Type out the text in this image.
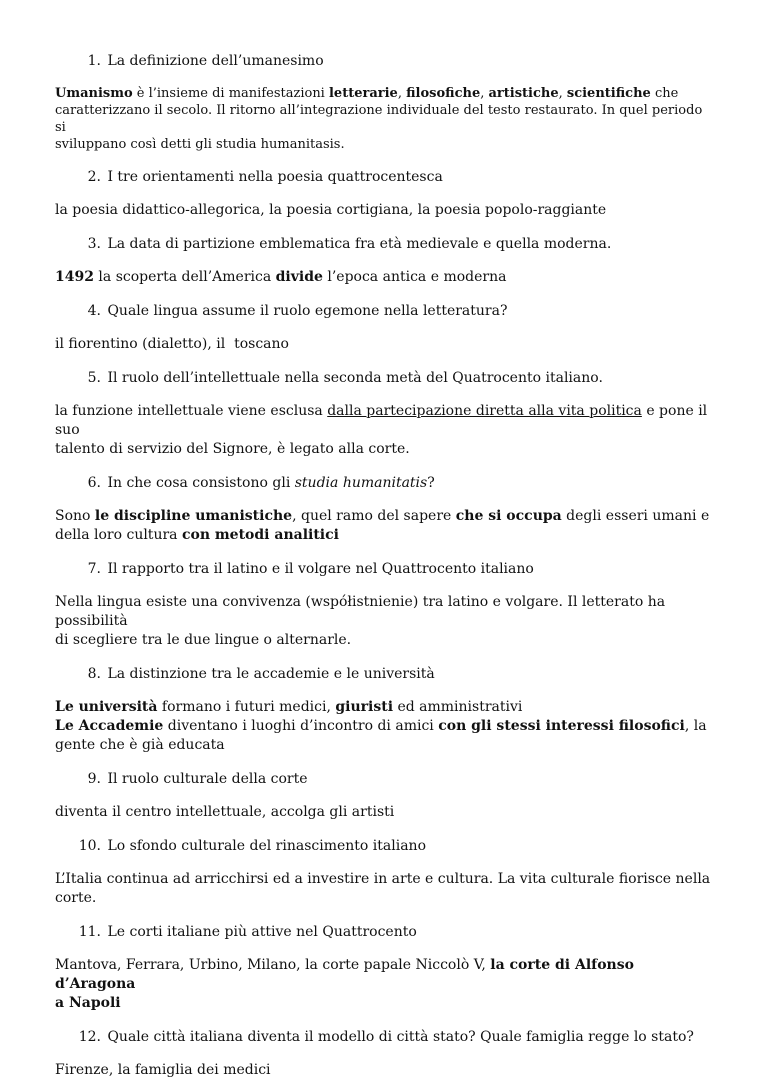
1. La definizione dell’umanesimo

Umanismo è l’insieme di manifestazioni letterarie, filosofiche, artistiche, scientifiche che

caratterizzano il secolo. Il ritorno all’integrazione individuale del testo restaurato. In quel periodo si

sviluppano così detti gli studia humanitasis.

2. I tre orientamenti nella poesia quattrocentesca

la poesia didattico-allegorica, la poesia cortigiana, la poesia popolo-raggiante

3. La data di partizione emblematica fra età medievale e quella moderna.

1492 la scoperta dell’America divide l’epoca antica e moderna

4. Quale lingua assume il ruolo egemone nella letteratura?

il fiorentino (dialetto), il  toscano

5. Il ruolo dell’intellettuale nella seconda metà del Quatrocento italiano.

la funzione intellettuale viene esclusa dalla partecipazione diretta alla vita politica e pone il suo

talento di servizio del Signore, è legato alla corte.

6. In che cosa consistono gli studia humanitatis?

Sono le discipline umanistiche, quel ramo del sapere che si occupa degli esseri umani e

della loro cultura con metodi analitici

7. Il rapporto tra il latino e il volgare nel Quattrocento italiano

Nella lingua esiste una convivenza (współistnienie) tra latino e volgare. Il letterato ha possibilità

di scegliere tra le due lingue o alternarle.

8. La distinzione tra le accademie e le università

Le università formano i futuri medici, giuristi ed amministrativi

Le Accademie diventano i luoghi d’incontro di amici con gli stessi interessi filosofici, la

gente che è già educata

9. Il ruolo culturale della corte

diventa il centro intellettuale, accolga gli artisti

10. Lo sfondo culturale del rinascimento italiano

L’Italia continua ad arricchirsi ed a investire in arte e cultura. La vita culturale fiorisce nella

corte.

11. Le corti italiane più attive nel Quattrocento

Mantova, Ferrara, Urbino, Milano, la corte papale Niccolò V, la corte di Alfonso d’Aragona

a Napoli

12. Quale città italiana diventa il modello di città stato? Quale famiglia regge lo stato?

Firenze, la famiglia dei medici
